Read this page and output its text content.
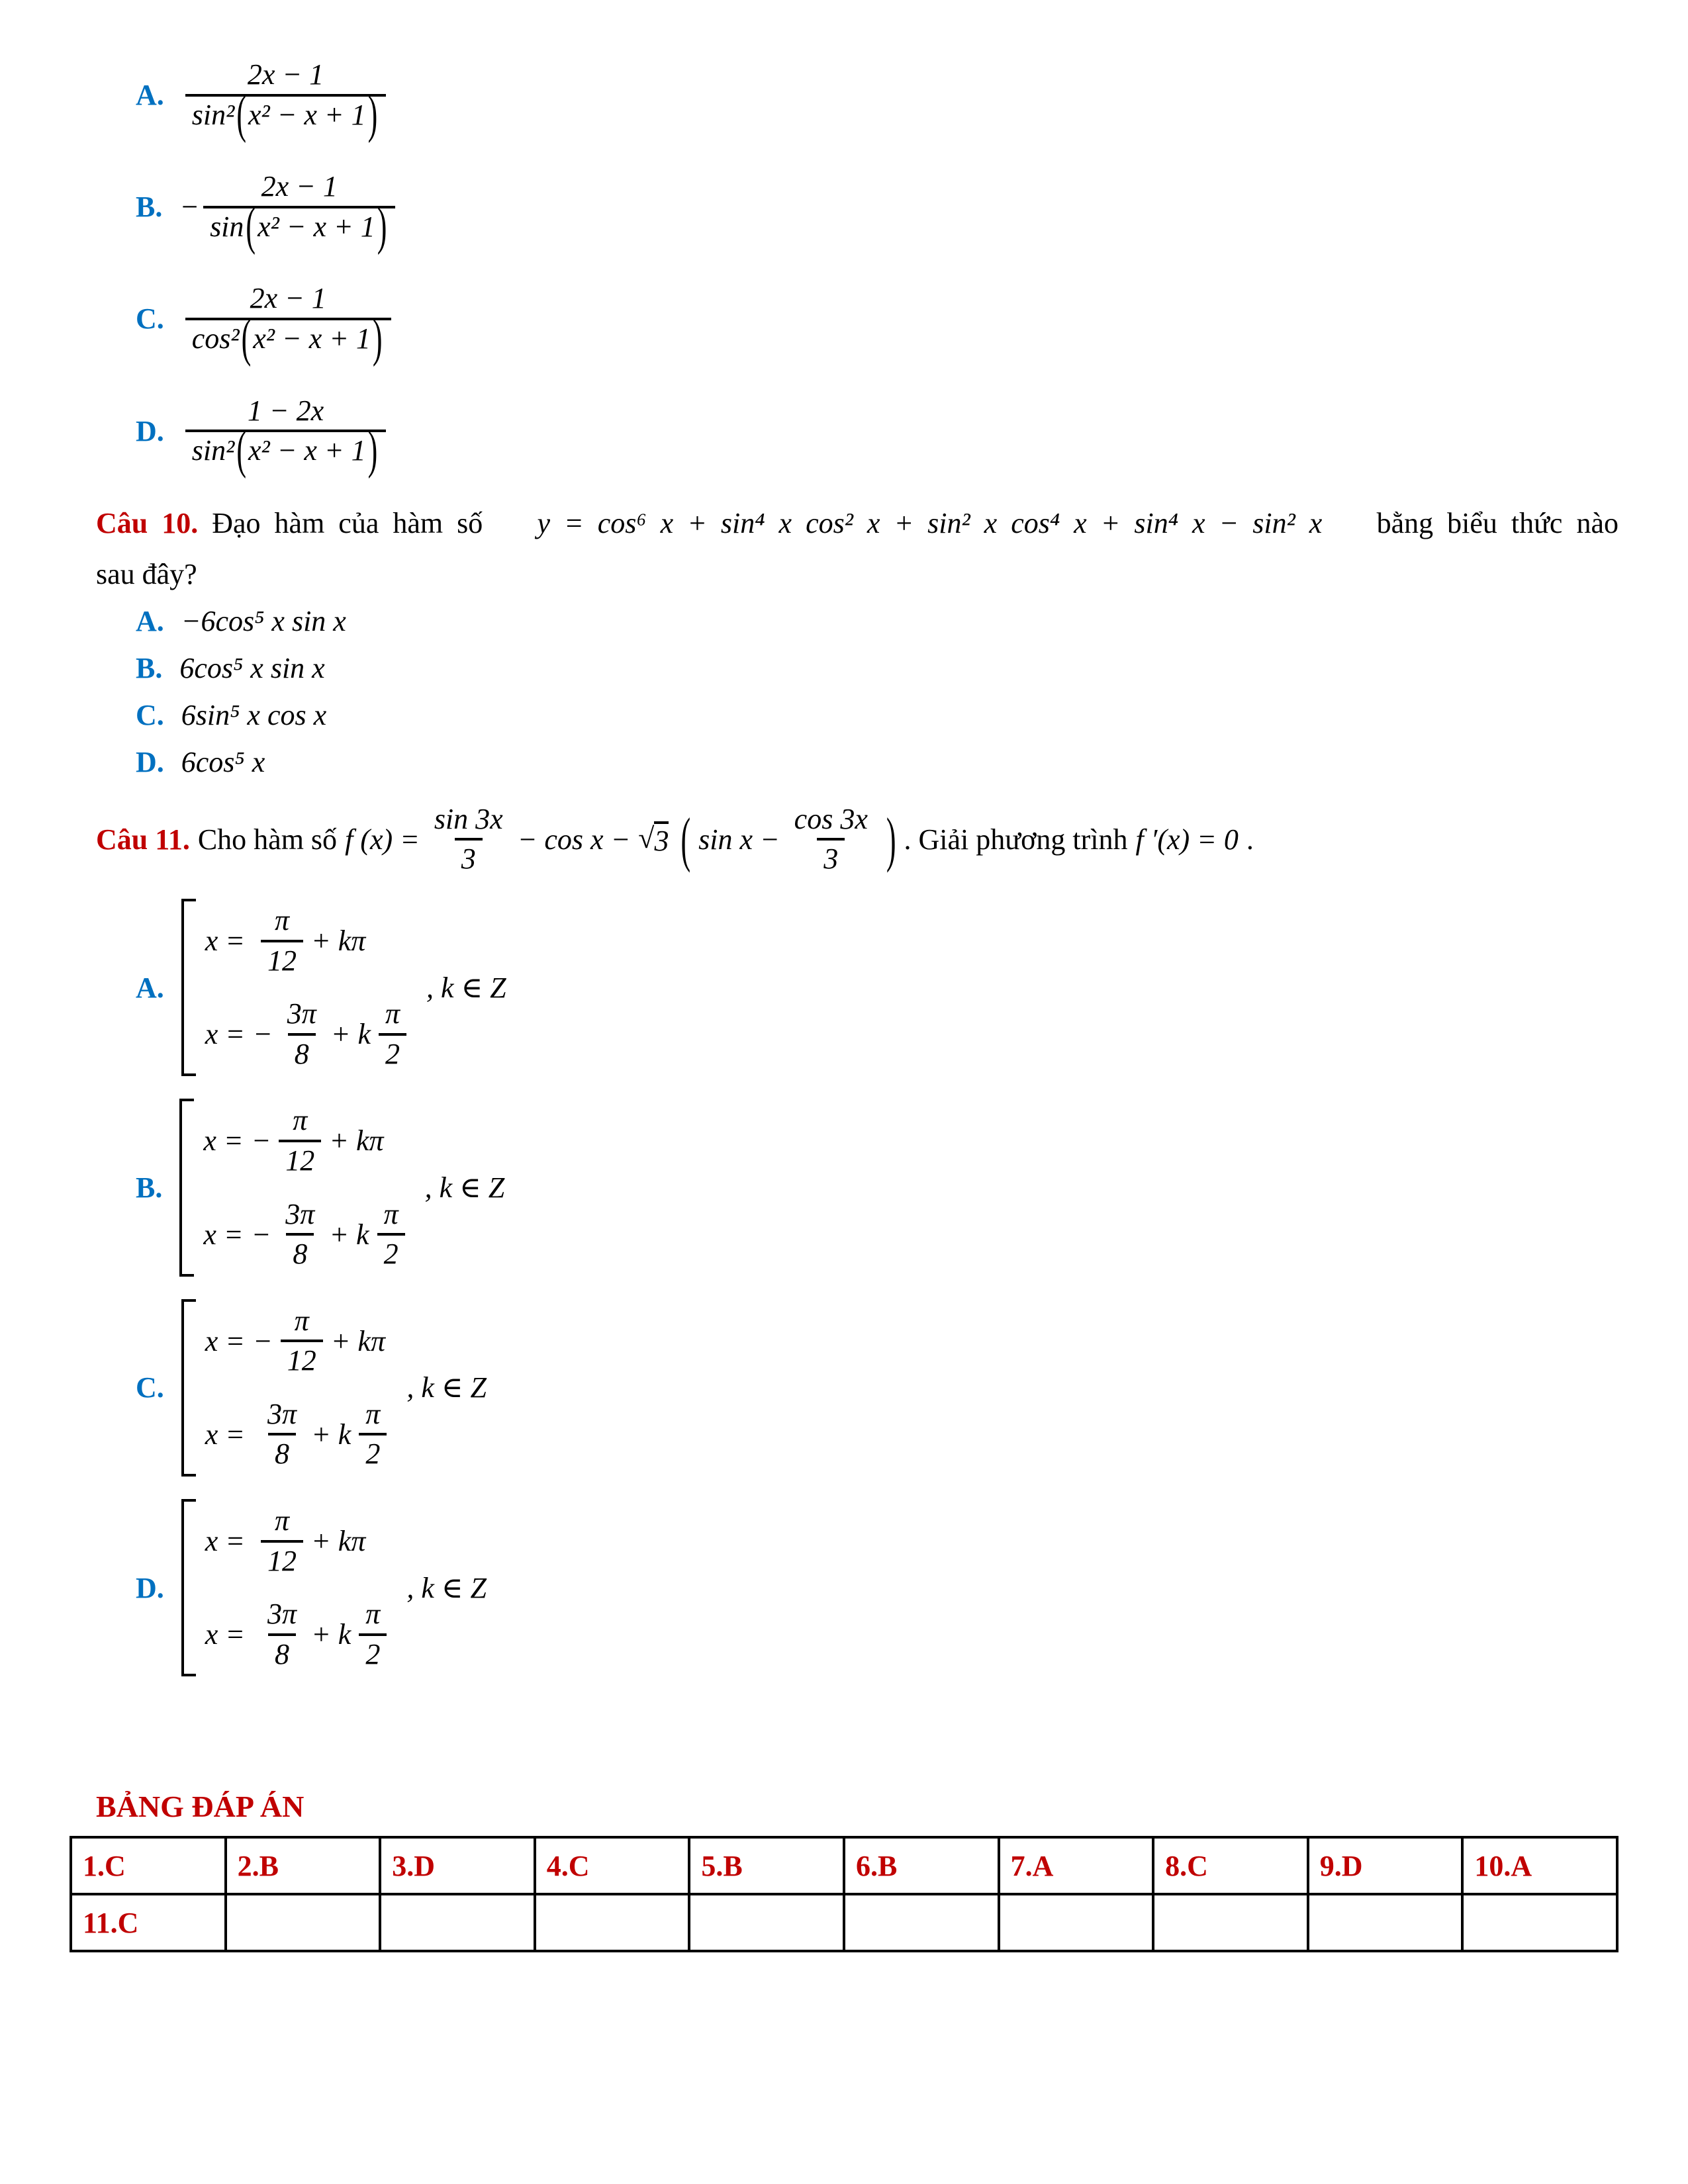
A. $\frac{2x - 1}{\text{sin² ( x² − x + 1 )}}$
B. − $\frac{2x - 1}{\text{sin ( x² − x + 1 )}}$
C. $\frac{2x - 1}{\text{cos² ( x² − x + 1 )}}$
D. $\frac{1 - 2x}{\text{sin² ( x² − x + 1 )}}$
Câu 10. Đạo hàm của hàm số y = cos⁶ x + sin⁴ x cos² x + sin² x cos⁴ x + sin⁴ x − sin² x bằng biểu thức nào
sau đây?
A. −6cos⁵ x sin x
B. 6cos⁵ x sin x
C. 6sin⁵ x cos x
D. 6cos⁵ x
Câu 11. Cho hàm số f $(x) = \frac{\sin 3x}{3} - \cos x$ − √ 3 ( $\sin x - \frac{\cos 3x}{3}$ ) . Giải phương trình f ′(x) = 0 .
A.
$x = \frac{\pi}{12} + k\pi$
x = − $\frac{3\pi}{8} + k \frac{\pi}{2}$
, k ∈ Z
B.
x = − $\frac{\pi}{12} + k\pi$
x = − $\frac{3\pi}{8} + k \frac{\pi}{2}$
, k ∈ Z
C.
x = − $\frac{\pi}{12} + k\pi$
$x = \frac{3\pi}{8} + k \frac{\pi}{2}$
, k ∈ Z
D.
$x = \frac{\pi}{12} + k\pi$
$x = \frac{3\pi}{8} + k \frac{\pi}{2}$
, k ∈ Z
BẢNG ĐÁP ÁN
1.C	2.B	3.D	4.C	5.B	6.B	7.A	8.C	9.D	10.A
11.C									
